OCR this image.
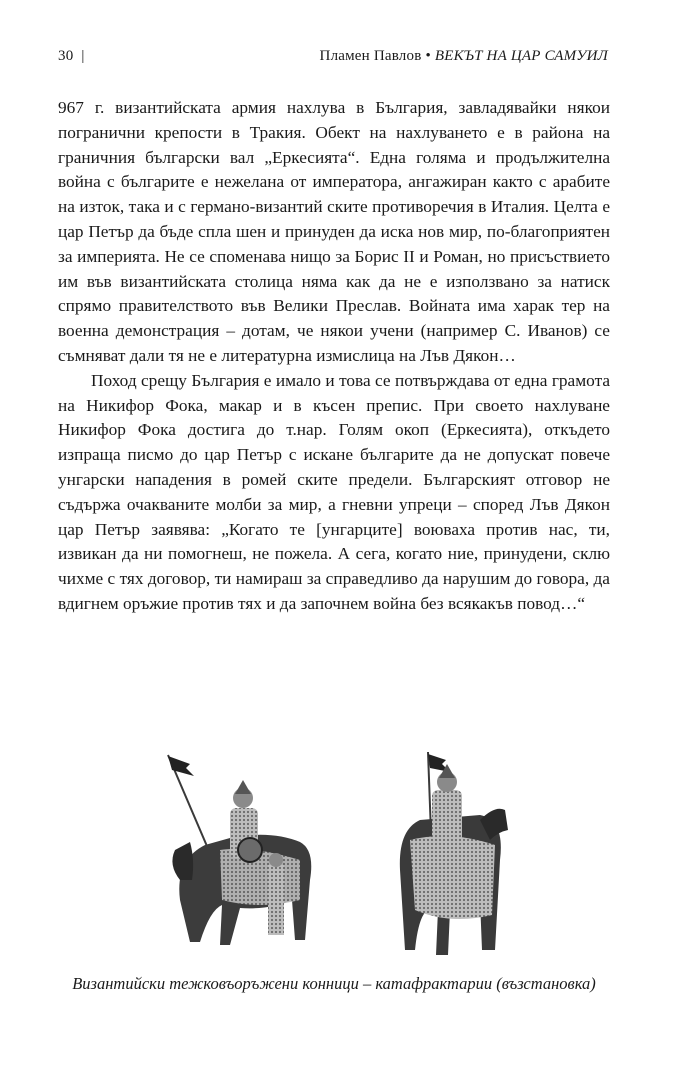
30 |	Пламен Павлов • ВЕКЪТ НА ЦАР САМУИЛ

967 г. византийската армия нахлува в България, завладявайки някои погранични крепости в Тракия. Обект на нахлуването е в района на граничния български вал „Еркесията“. Една голяма и продължителна война с българите е нежелана от императора, ангажиран както с арабите на изток, така и с германо-византий ските противоречия в Италия. Целта е цар Петър да бъде сплa шен и принуден да иска нов мир, по-благоприятен за империята. Не се споменава нищо за Борис II и Роман, но присъствието им във византийската столица няма как да не е използвано за натиск спрямо правителството във Велики Преслав. Войната има харак тер на военна демонстрация – дотам, че някои учени (например С. Иванов) се съмняват дали тя не е литературна измислица на Лъв Дякон…

Поход срещу България е имало и това се потвърждава от една грамота на Никифор Фока, макар и в късен препис. При своето нахлуване Никифор Фока достига до т.нар. Голям окоп (Еркесията), откъдето изпраща писмо до цар Петър с искане българите да не допускат повече унгарски нападения в ромей ските предели. Българският отговор не съдържа очакваните молби за мир, а гневни упреци – според Лъв Дякон цар Петър заявява: „Когато те [унгарците] воюваха против нас, ти, извикан да ни помогнеш, не пожела. А сега, когато ние, принудени, склю чихме с тях договор, ти намираш за справедливо да нарушим до говора, да вдигнем оръжие против тях и да започнем война без всякакъв повод…“

Византийски тежковъоръжени конници – катафрактарии (възстановка)
